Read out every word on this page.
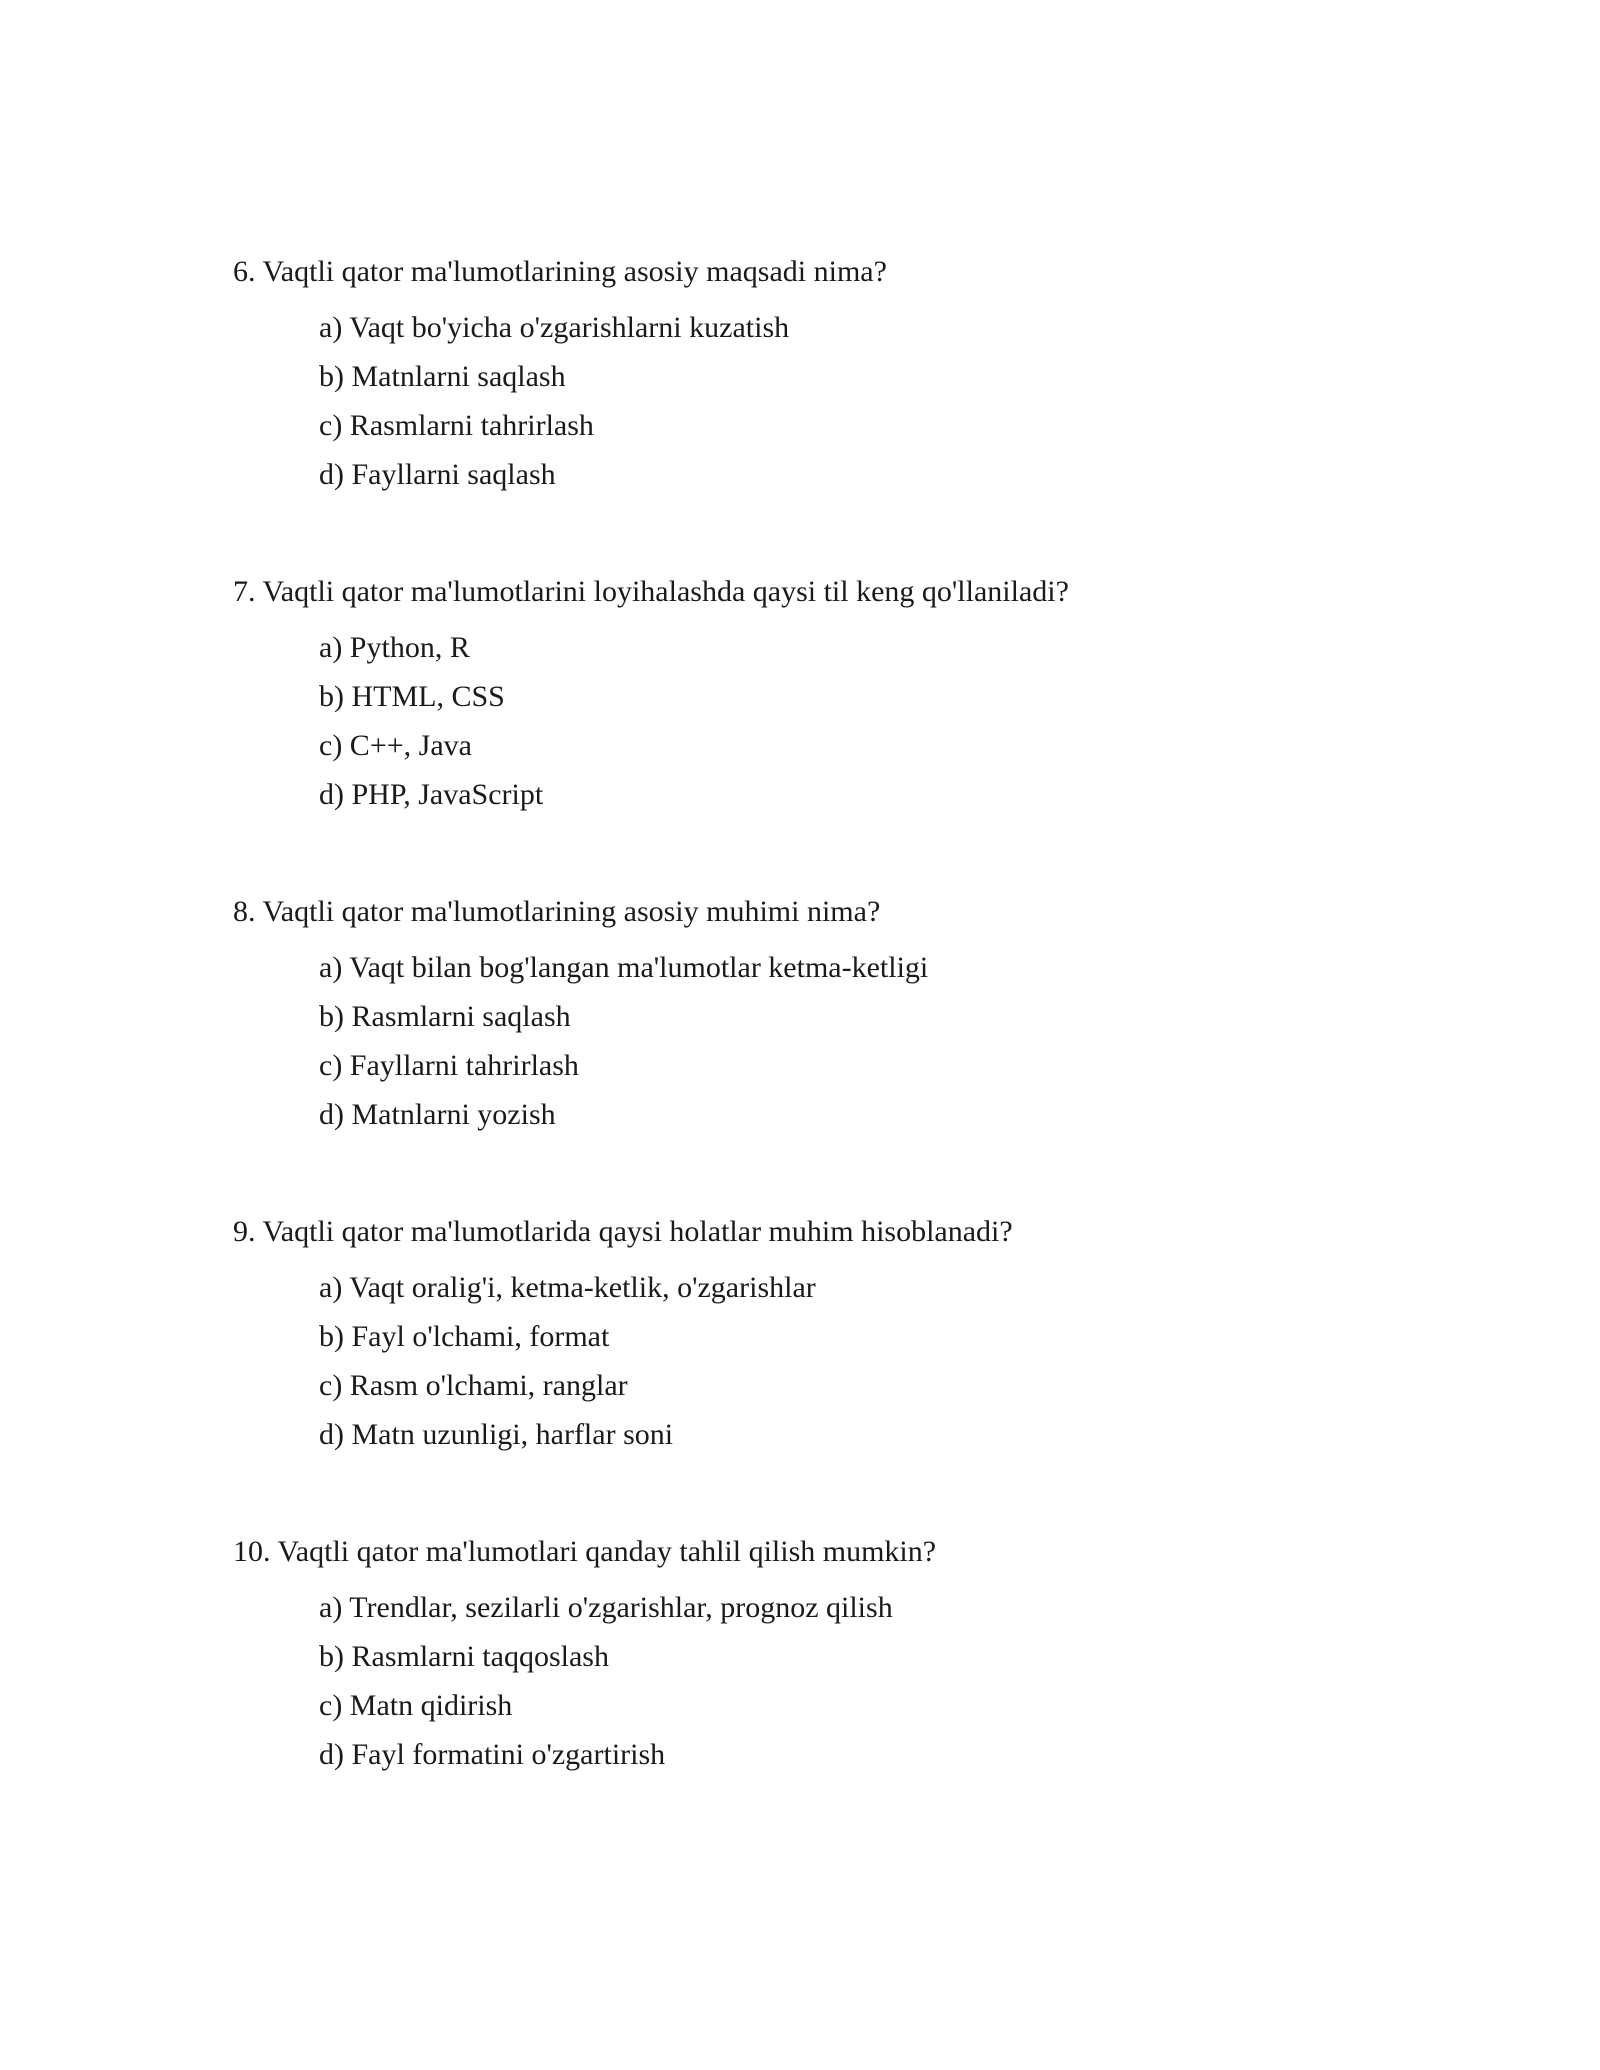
6. Vaqtli qator ma'lumotlarining asosiy maqsadi nima?

a) Vaqt bo'yicha o'zgarishlarni kuzatish
b) Matnlarni saqlash
c) Rasmlarni tahrirlash
d) Fayllarni saqlash

7. Vaqtli qator ma'lumotlarini loyihalashda qaysi til keng qo'llaniladi?

a) Python, R
b) HTML, CSS
c) C++, Java
d) PHP, JavaScript

8. Vaqtli qator ma'lumotlarining asosiy muhimi nima?

a) Vaqt bilan bog'langan ma'lumotlar ketma-ketligi
b) Rasmlarni saqlash
c) Fayllarni tahrirlash
d) Matnlarni yozish

9. Vaqtli qator ma'lumotlarida qaysi holatlar muhim hisoblanadi?

a) Vaqt oralig'i, ketma-ketlik, o'zgarishlar
b) Fayl o'lchami, format
c) Rasm o'lchami, ranglar
d) Matn uzunligi, harflar soni

10. Vaqtli qator ma'lumotlari qanday tahlil qilish mumkin?

a) Trendlar, sezilarli o'zgarishlar, prognoz qilish
b) Rasmlarni taqqoslash
c) Matn qidirish
d) Fayl formatini o'zgartirish
